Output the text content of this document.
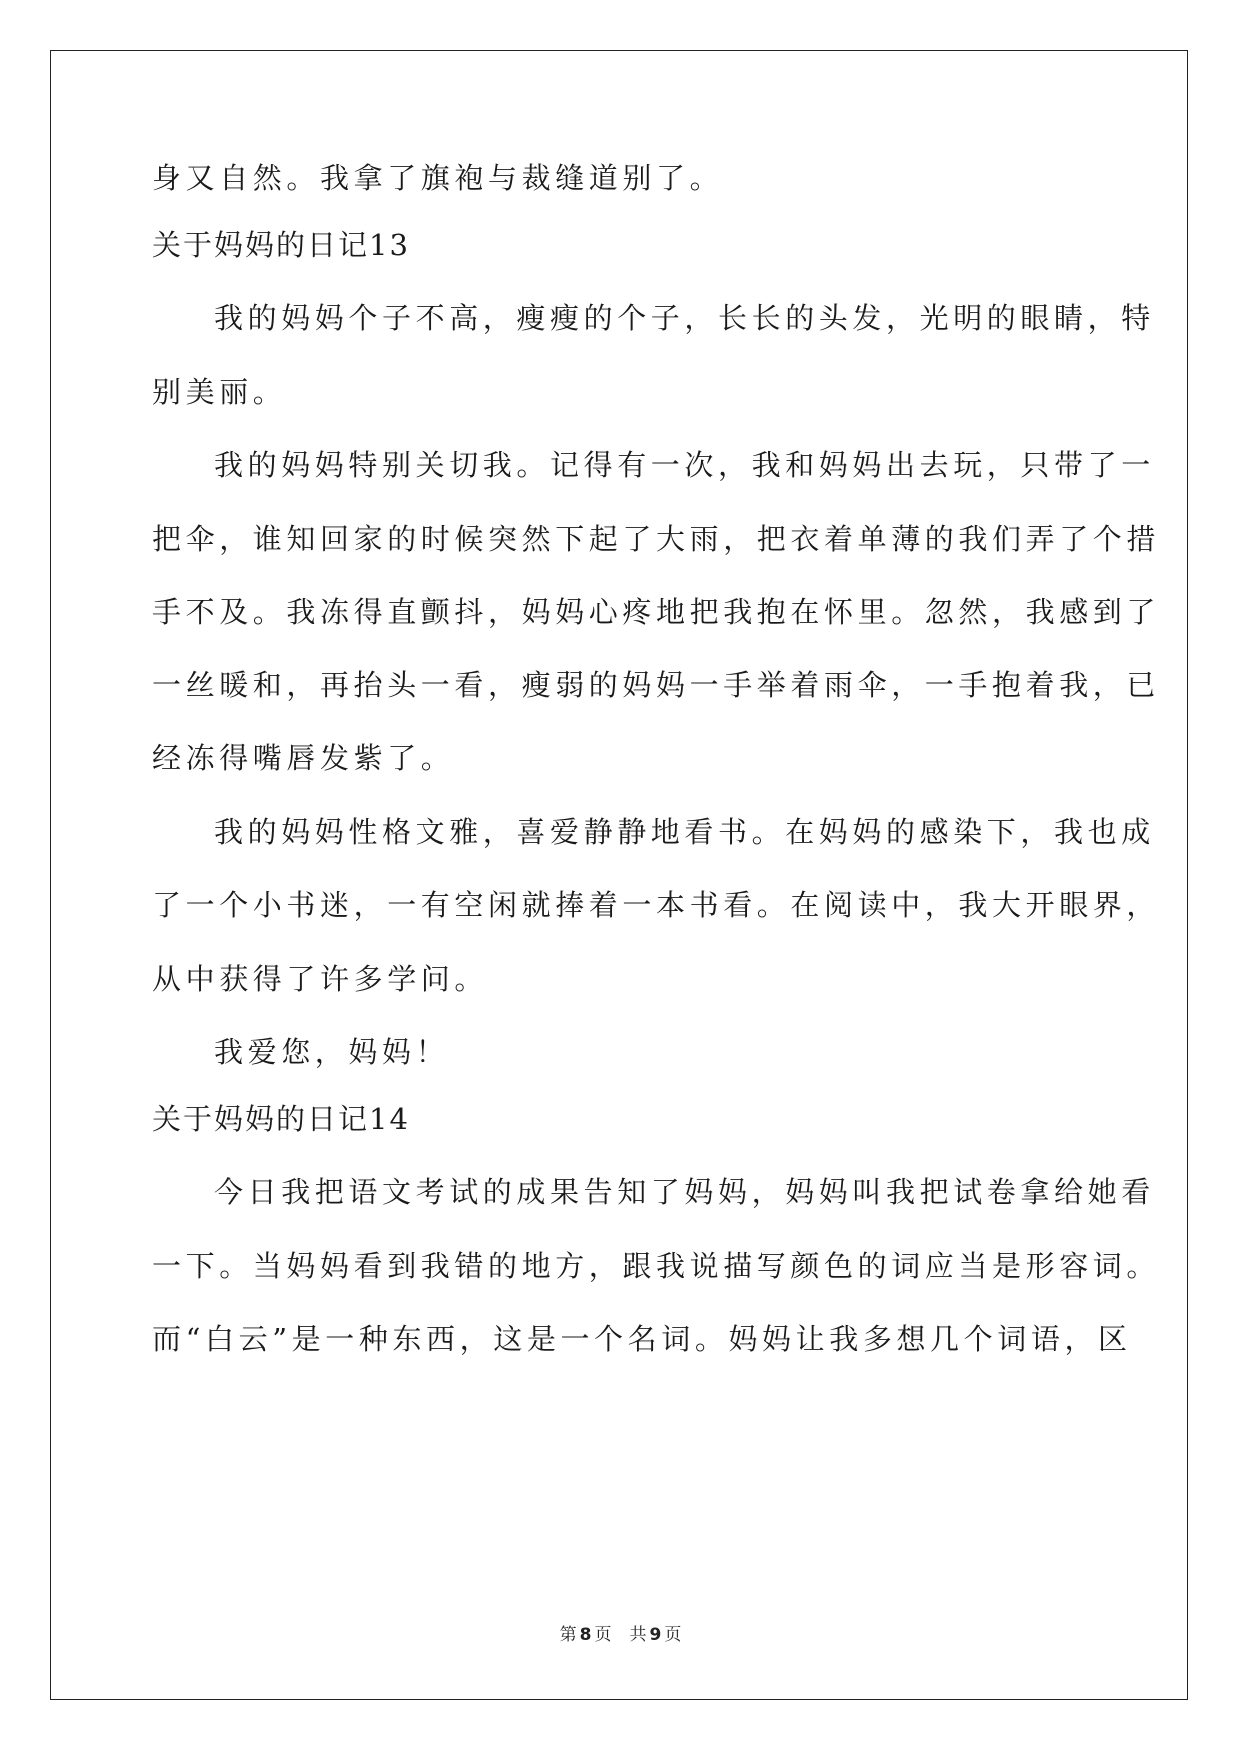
身又自然。我拿了旗袍与裁缝道别了。
关于妈妈的日记13
我的妈妈个子不高，瘦瘦的个子，长长的头发，光明的眼睛，特
别美丽。
我的妈妈特别关切我。记得有一次，我和妈妈出去玩，只带了一
把伞，谁知回家的时候突然下起了大雨，把衣着单薄的我们弄了个措
手不及。我冻得直颤抖，妈妈心疼地把我抱在怀里。忽然，我感到了
一丝暖和，再抬头一看，瘦弱的妈妈一手举着雨伞，一手抱着我，已
经冻得嘴唇发紫了。
我的妈妈性格文雅，喜爱静静地看书。在妈妈的感染下，我也成
了一个小书迷，一有空闲就捧着一本书看。在阅读中，我大开眼界，
从中获得了许多学问。
我爱您，妈妈！
关于妈妈的日记14
今日我把语文考试的成果告知了妈妈，妈妈叫我把试卷拿给她看
一下。当妈妈看到我错的地方，跟我说描写颜色的词应当是形容词。
而“白云”是一种东西，这是一个名词。妈妈让我多想几个词语，区
第 8 页 共 9 页
